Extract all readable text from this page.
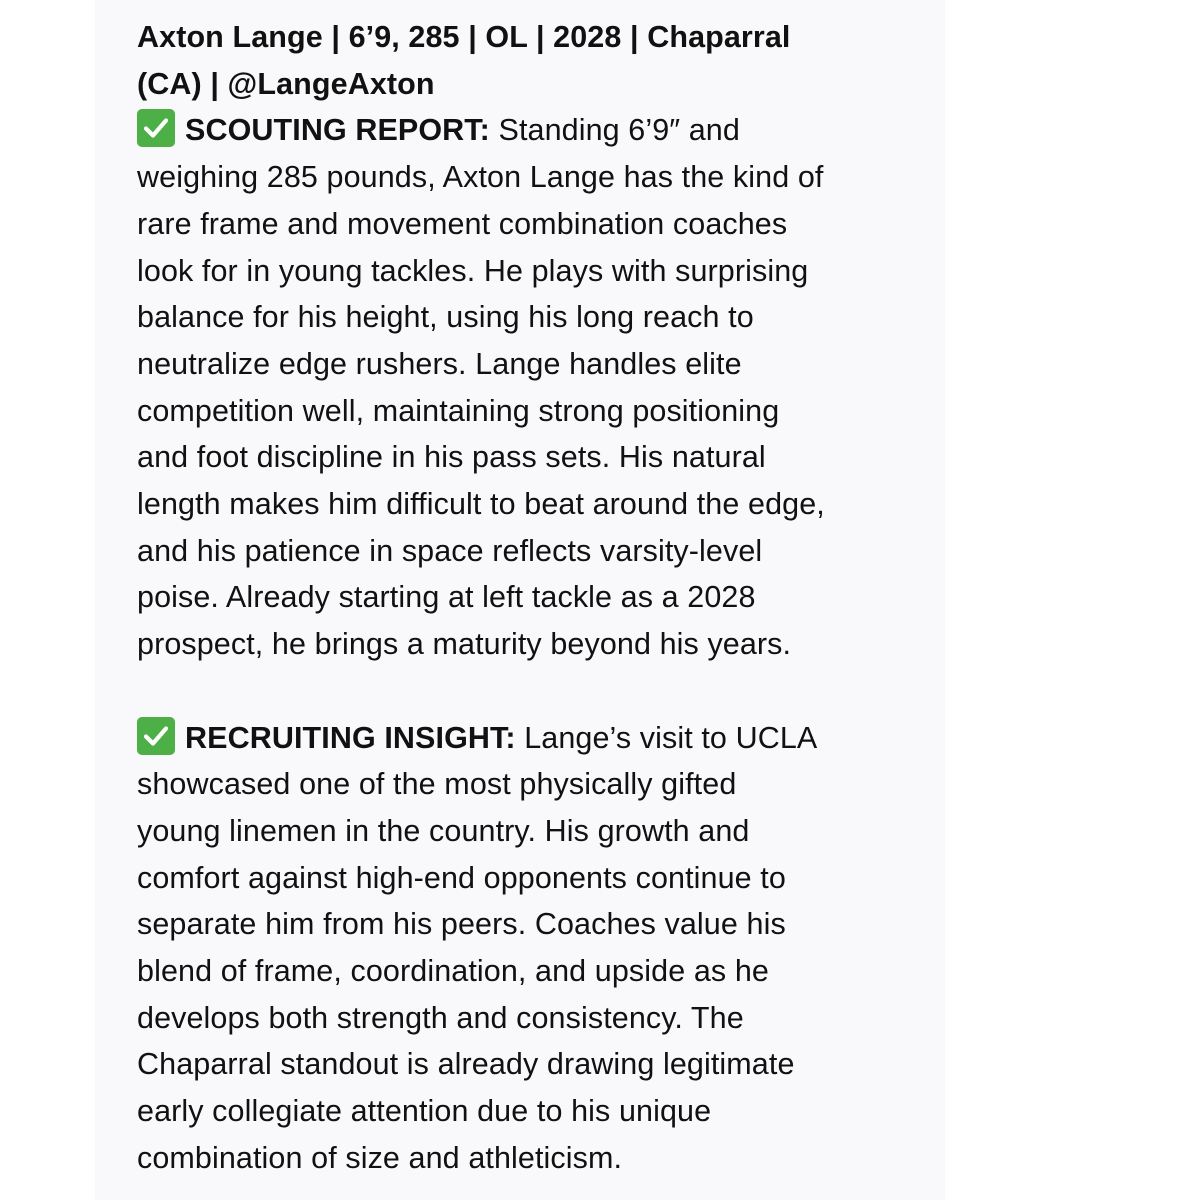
Axton Lange | 6’9, 285 | OL | 2028 | Chaparral
(CA) | @LangeAxton
SCOUTING REPORT: Standing 6’9″ and
weighing 285 pounds, Axton Lange has the kind of
rare frame and movement combination coaches
look for in young tackles. He plays with surprising
balance for his height, using his long reach to
neutralize edge rushers. Lange handles elite
competition well, maintaining strong positioning
and foot discipline in his pass sets. His natural
length makes him difficult to beat around the edge,
and his patience in space reflects varsity-level
poise. Already starting at left tackle as a 2028
prospect, he brings a maturity beyond his years.
RECRUITING INSIGHT: Lange’s visit to UCLA
showcased one of the most physically gifted
young linemen in the country. His growth and
comfort against high-end opponents continue to
separate him from his peers. Coaches value his
blend of frame, coordination, and upside as he
develops both strength and consistency. The
Chaparral standout is already drawing legitimate
early collegiate attention due to his unique
combination of size and athleticism.
